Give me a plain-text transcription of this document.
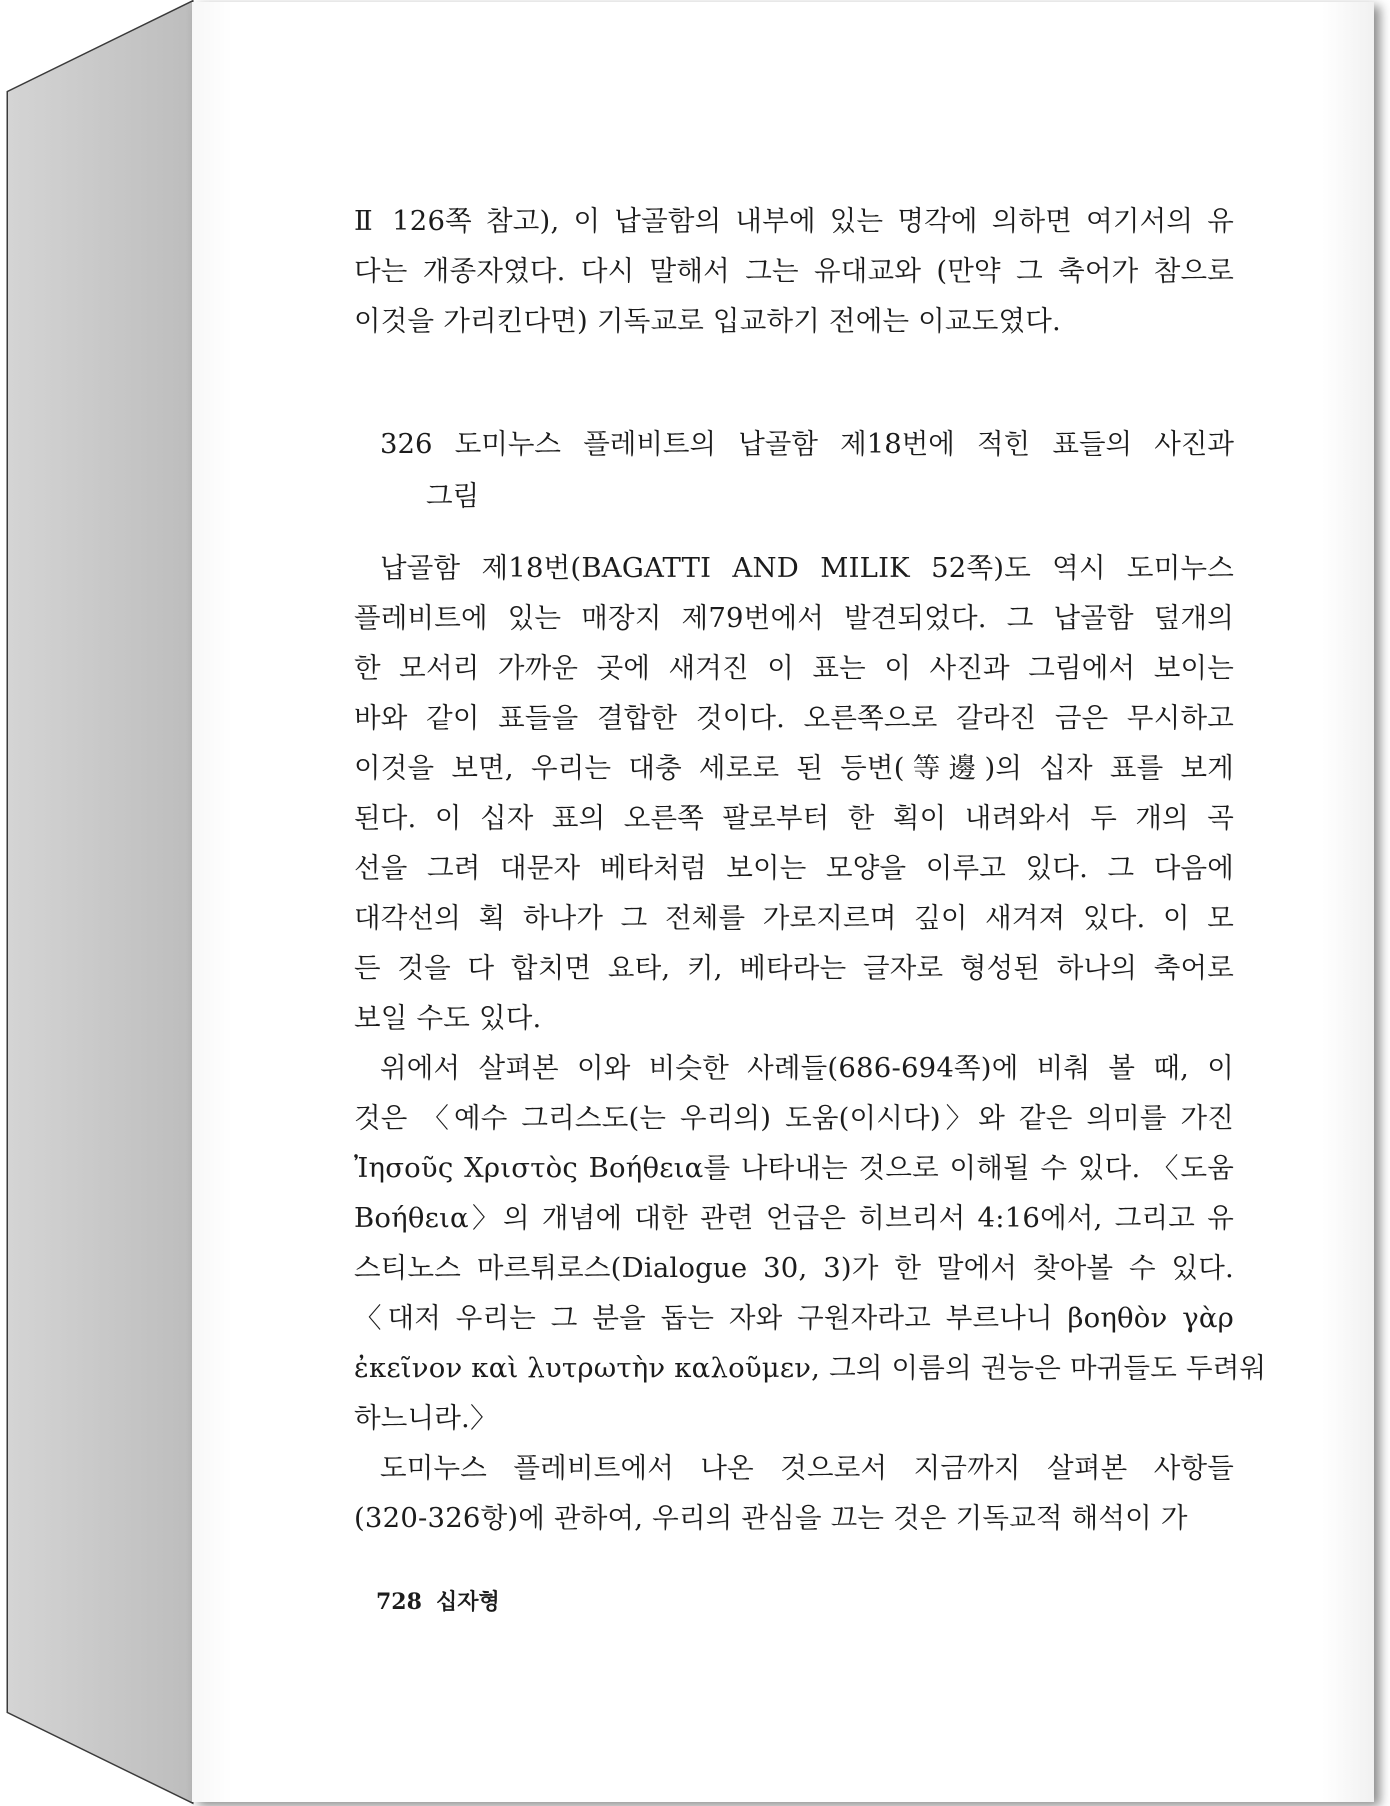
Ⅱ 126쪽 참고), 이 납골함의 내부에 있는 명각에 의하면 여기서의 유
다는 개종자였다. 다시 말해서 그는 유대교와 (만약 그 축어가 참으로
이것을 가리킨다면) 기독교로 입교하기 전에는 이교도였다.
326 도미누스 플레비트의 납골함 제18번에 적힌 표들의 사진과
그림
납골함 제18번(BAGATTI AND MILIK 52쪽)도 역시 도미누스
플레비트에 있는 매장지 제79번에서 발견되었다. 그 납골함 덮개의
한 모서리 가까운 곳에 새겨진 이 표는 이 사진과 그림에서 보이는
바와 같이 표들을 결합한 것이다. 오른쪽으로 갈라진 금은 무시하고
이것을 보면, 우리는 대충 세로로 된 등변(等邊)의 십자 표를 보게
된다. 이 십자 표의 오른쪽 팔로부터 한 획이 내려와서 두 개의 곡
선을 그려 대문자 베타처럼 보이는 모양을 이루고 있다. 그 다음에
대각선의 획 하나가 그 전체를 가로지르며 깊이 새겨져 있다. 이 모
든 것을 다 합치면 요타, 키, 베타라는 글자로 형성된 하나의 축어로
보일 수도 있다.
위에서 살펴본 이와 비슷한 사례들(686-694쪽)에 비춰 볼 때, 이
것은 〈예수 그리스도(는 우리의) 도움(이시다)〉와 같은 의미를 가진
Ἰησοῦς Χριστὸς Βοήθεια를 나타내는 것으로 이해될 수 있다. 〈도움
Βοήθεια〉의 개념에 대한 관련 언급은 히브리서 4:16에서, 그리고 유
스티노스 마르튀로스(Dialogue 30, 3)가 한 말에서 찾아볼 수 있다.
〈대저 우리는 그 분을 돕는 자와 구원자라고 부르나니 βοηθὸν γὰρ
ἐκεῖνον καὶ λυτρωτὴν καλοῦμεν, 그의 이름의 권능은 마귀들도 두려워
하느니라.〉
도미누스 플레비트에서 나온 것으로서 지금까지 살펴본 사항들
(320-326항)에 관하여, 우리의 관심을 끄는 것은 기독교적 해석이 가
728 십자형
